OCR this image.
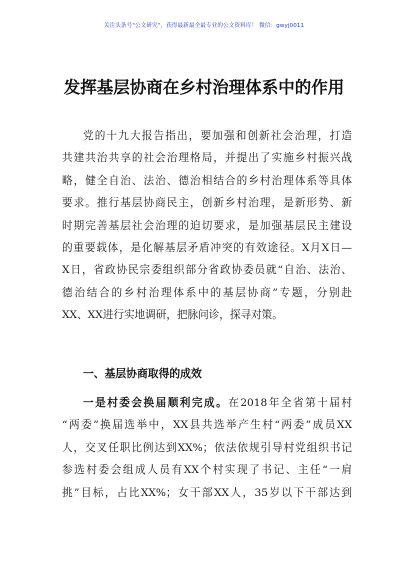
关注头条号"公文研究"，获得最新最全最专业的公文资料库！ 微信：gwyj0011
发挥基层协商在乡村治理体系中的作用
党的十九大报告指出，要加强和创新社会治理，打造
共建共治共享的社会治理格局，并提出了实施乡村振兴战
略，健全自治、法治、德治相结合的乡村治理体系等具体
要求。推行基层协商民主，创新乡村治理，是新形势、新
时期完善基层社会治理的迫切要求，是加强基层民主建设
的重要载体，是化解基层矛盾冲突的有效途径。X月X日—
X日，省政协民宗委组织部分省政协委员就“自治、法治、
德治结合的乡村治理体系中的基层协商”专题，分别赴
XX、XX进行实地调研，把脉问诊，探寻对策。
一、基层协商取得的成效
一是村委会换届顺利完成。在2018年全省第十届村
“两委”换届选举中，XX县共选举产生村“两委”成员XX
人，交叉任职比例达到XX%；依法依规引导村党组织书记
参选村委会组成人员有XX个村实现了书记、主任“一肩
挑”目标，占比XX%；女干部XX人，35岁以下干部达到
